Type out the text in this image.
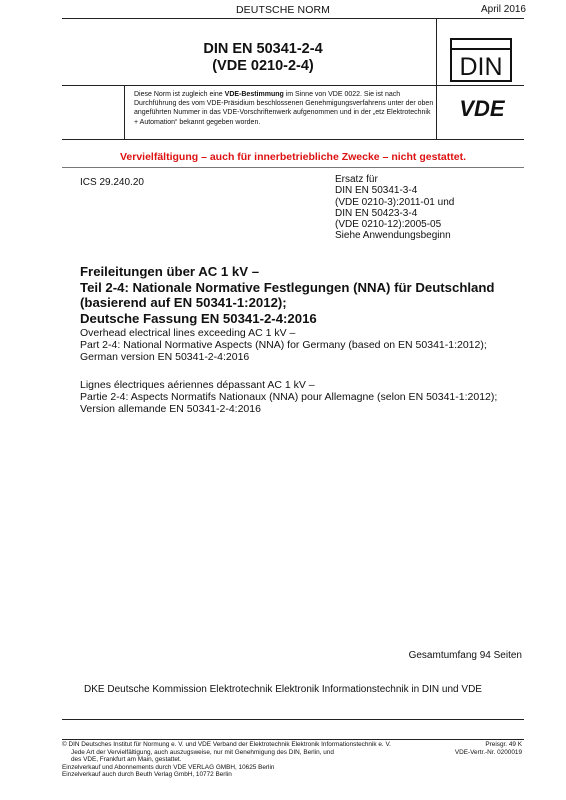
DEUTSCHE NORM	April 2016
DIN EN 50341-2-4
(VDE 0210-2-4)	DIN
Diese Norm ist zugleich eine VDE-Bestimmung im Sinne von VDE 0022. Sie ist nach Durchführung des vom VDE-Präsidium beschlossenen Genehmigungsverfahrens unter der oben angeführten Nummer in das VDE-Vorschriftenwerk aufgenommen und in der „etz Elektrotechnik + Automation“ bekannt gegeben worden.
VDE
Vervielfältigung – auch für innerbetriebliche Zwecke – nicht gestattet.
ICS 29.240.20	Ersatz für
DIN EN 50341-3-4
(VDE 0210-3):2011-01 und
DIN EN 50423-3-4
(VDE 0210-12):2005-05
Siehe Anwendungsbeginn
Freileitungen über AC 1 kV –
Teil 2-4: Nationale Normative Festlegungen (NNA) für Deutschland
(basierend auf EN 50341-1:2012);
Deutsche Fassung EN 50341-2-4:2016
Overhead electrical lines exceeding AC 1 kV –
Part 2-4: National Normative Aspects (NNA) for Germany (based on EN 50341-1:2012);
German version EN 50341-2-4:2016
Lignes électriques aériennes dépassant AC 1 kV –
Partie 2-4: Aspects Normatifs Nationaux (NNA) pour Allemagne (selon EN 50341-1:2012);
Version allemande EN 50341-2-4:2016
Gesamtumfang 94 Seiten
DKE Deutsche Kommission Elektrotechnik Elektronik Informationstechnik in DIN und VDE
© DIN Deutsches Institut für Normung e. V. und VDE Verband der Elektrotechnik Elektronik Informationstechnik e. V.
Jede Art der Vervielfältigung, auch auszugsweise, nur mit Genehmigung des DIN, Berlin, und
des VDE, Frankfurt am Main, gestattet.
Einzelverkauf und Abonnements durch VDE VERLAG GMBH, 10625 Berlin
Einzelverkauf auch durch Beuth Verlag GmbH, 10772 Berlin
Preisgr. 49 K
VDE-Vertr.-Nr. 0200019
